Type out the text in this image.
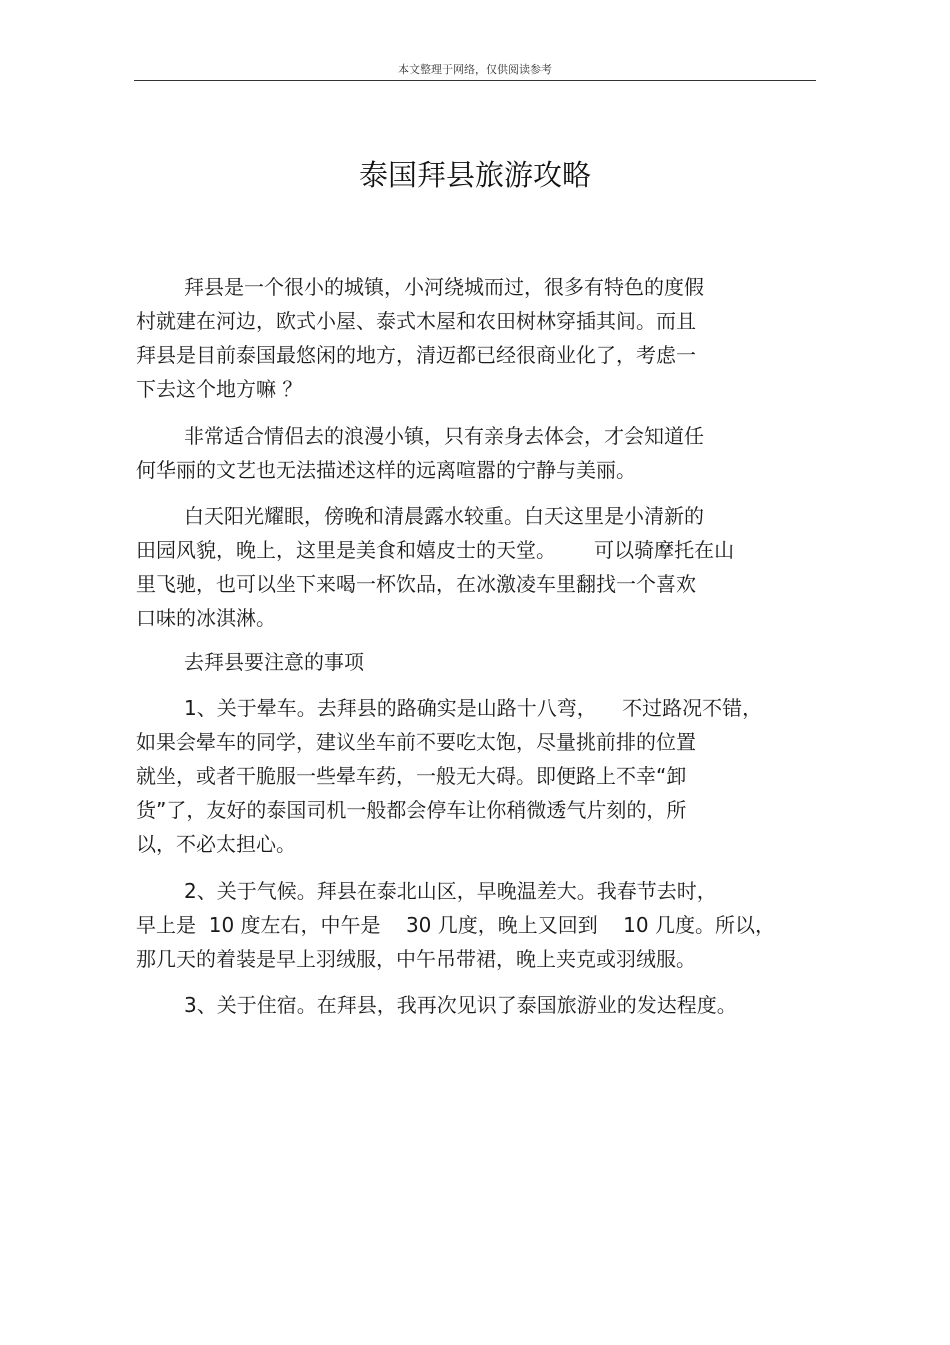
本文整理于网络，仅供阅读参考
泰国拜县旅游攻略
拜县是一个很小的城镇，小河绕城而过，很多有特色的度假
村就建在河边，欧式小屋、泰式木屋和农田树林穿插其间。而且
拜县是目前泰国最悠闲的地方，清迈都已经很商业化了，考虑一
下去这个地方嘛 ？
非常适合情侣去的浪漫小镇，只有亲身去体会，才会知道任
何华丽的文艺也无法描述这样的远离喧嚣的宁静与美丽。
白天阳光耀眼，傍晚和清晨露水较重。白天这里是小清新的
田园风貌，晚上，这里是美食和嬉皮士的天堂。      可以骑摩托在山
里飞驰，也可以坐下来喝一杯饮品，在冰激凌车里翻找一个喜欢
口味的冰淇淋。
去拜县要注意的事项
1、关于晕车。去拜县的路确实是山路十八弯，    不过路况不错，
如果会晕车的同学，建议坐车前不要吃太饱，尽量挑前排的位置
就坐，或者干脆服一些晕车药，一般无大碍。即便路上不幸“卸
货”了，友好的泰国司机一般都会停车让你稍微透气片刻的，所
以，不必太担心。
2、关于气候。拜县在泰北山区，早晚温差大。我春节去时，
早上是  10 度左右，中午是    30 几度，晚上又回到    10 几度。所以，
那几天的着装是早上羽绒服，中午吊带裙，晚上夹克或羽绒服。
3、关于住宿。在拜县，我再次见识了泰国旅游业的发达程度。
